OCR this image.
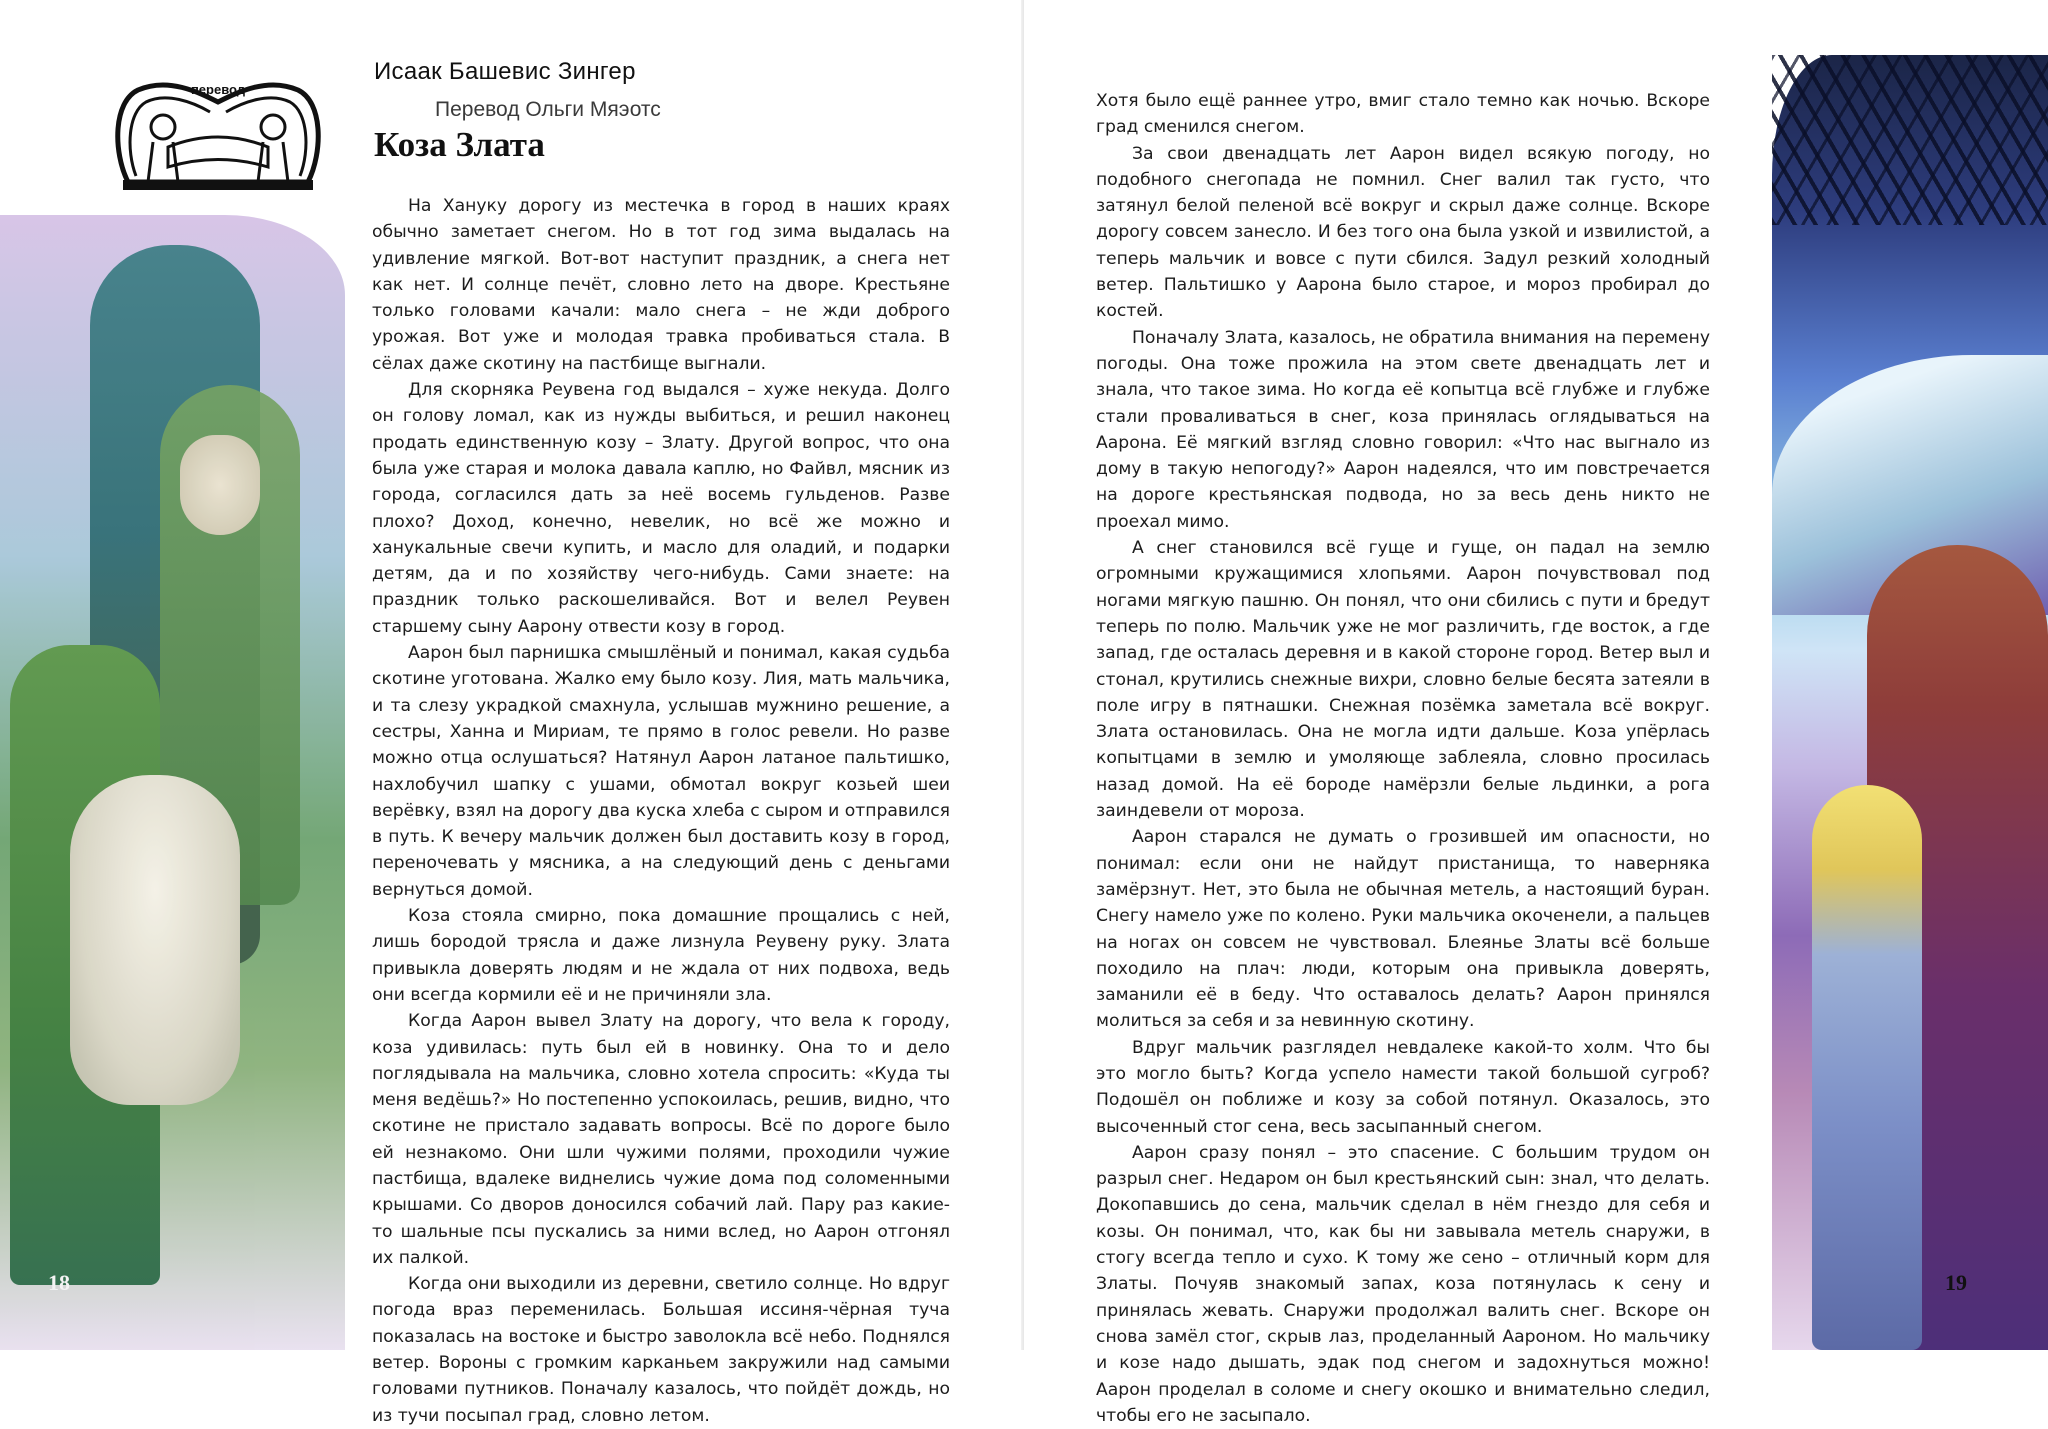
перевод
Исаак Башевис Зингер
Перевод Ольги Мяэотс
Коза Злата

На Хануку дорогу из местечка в город в наших краях обычно заметает снегом. Но в тот год зима выдалась на удивление мягкой. Вот-вот наступит праздник, а снега нет как нет. И солнце печёт, словно лето на дворе. Крестьяне только головами качали: мало снега – не жди доброго урожая. Вот уже и молодая травка пробиваться стала. В сёлах даже скотину на пастбище выгнали.

Для скорняка Реувена год выдался – хуже некуда. Долго он голову ломал, как из нужды выбиться, и решил наконец продать единственную козу – Злату. Другой вопрос, что она была уже старая и молока давала каплю, но Файвл, мясник из города, согласился дать за неё восемь гульденов. Разве плохо? Доход, конечно, невелик, но всё же можно и ханукальные свечи купить, и масло для оладий, и подарки детям, да и по хозяйству чего-нибудь. Сами знаете: на праздник только раскошеливайся. Вот и велел Реувен старшему сыну Аарону отвести козу в город.

Аарон был парнишка смышлёный и понимал, какая судьба скотине уготована. Жалко ему было козу. Лия, мать мальчика, и та слезу украдкой смахнула, услышав мужнино решение, а сестры, Ханна и Мириам, те прямо в голос ревели. Но разве можно отца ослушаться? Натянул Аарон латаное пальтишко, нахлобучил шапку с ушами, обмотал вокруг козьей шеи верёвку, взял на дорогу два куска хлеба с сыром и отправился в путь. К вечеру мальчик должен был доставить козу в город, переночевать у мясника, а на следующий день с деньгами вернуться домой.

Коза стояла смирно, пока домашние прощались с ней, лишь бородой трясла и даже лизнула Реувену руку. Злата привыкла доверять людям и не ждала от них подвоха, ведь они всегда кормили её и не причиняли зла.

Когда Аарон вывел Злату на дорогу, что вела к городу, коза удивилась: путь был ей в новинку. Она то и дело поглядывала на мальчика, словно хотела спросить: «Куда ты меня ведёшь?» Но постепенно успокоилась, решив, видно, что скотине не пристало задавать вопросы. Всё по дороге было ей незнакомо. Они шли чужими полями, проходили чужие пастбища, вдалеке виднелись чужие дома под соломенными крышами. Со дворов доносился собачий лай. Пару раз какие-то шальные псы пускались за ними вслед, но Аарон отгонял их палкой.

Когда они выходили из деревни, светило солнце. Но вдруг погода враз переменилась. Большая иссиня-чёрная туча показалась на востоке и быстро заволокла всё небо. Поднялся ветер. Вороны с громким карканьем закружили над самыми головами путников. Поначалу казалось, что пойдёт дождь, но из тучи посыпал град, словно летом.

18

Хотя было ещё раннее утро, вмиг стало темно как ночью. Вскоре град сменился снегом.

За свои двенадцать лет Аарон видел всякую погоду, но подобного снегопада не помнил. Снег валил так густо, что затянул белой пеленой всё вокруг и скрыл даже солнце. Вскоре дорогу совсем занесло. И без того она была узкой и извилистой, а теперь мальчик и вовсе с пути сбился. Задул резкий холодный ветер. Пальтишко у Аарона было старое, и мороз пробирал до костей.

Поначалу Злата, казалось, не обратила внимания на перемену погоды. Она тоже прожила на этом свете двенадцать лет и знала, что такое зима. Но когда её копытца всё глубже и глубже стали проваливаться в снег, коза принялась оглядываться на Аарона. Её мягкий взгляд словно говорил: «Что нас выгнало из дому в такую непогоду?» Аарон надеялся, что им повстречается на дороге крестьянская подвода, но за весь день никто не проехал мимо.

А снег становился всё гуще и гуще, он падал на землю огромными кружащимися хлопьями. Аарон почувствовал под ногами мягкую пашню. Он понял, что они сбились с пути и бредут теперь по полю. Мальчик уже не мог различить, где восток, а где запад, где осталась деревня и в какой стороне город. Ветер выл и стонал, крутились снежные вихри, словно белые бесята затеяли в поле игру в пятнашки. Снежная позёмка заметала всё вокруг. Злата остановилась. Она не могла идти дальше. Коза упёрлась копытцами в землю и умоляюще заблеяла, словно просилась назад домой. На её бороде намёрзли белые льдинки, а рога заиндевели от мороза.

Аарон старался не думать о грозившей им опасности, но понимал: если они не найдут пристанища, то наверняка замёрзнут. Нет, это была не обычная метель, а настоящий буран. Снегу намело уже по колено. Руки мальчика окоченели, а пальцев на ногах он совсем не чувствовал. Блеянье Златы всё больше походило на плач: люди, которым она привыкла доверять, заманили её в беду. Что оставалось делать? Аарон принялся молиться за себя и за невинную скотину.

Вдруг мальчик разглядел невдалеке какой-то холм. Что бы это могло быть? Когда успело намести такой большой сугроб? Подошёл он поближе и козу за собой потянул. Оказалось, это высоченный стог сена, весь засыпанный снегом.

Аарон сразу понял – это спасение. С большим трудом он разрыл снег. Недаром он был крестьянский сын: знал, что делать. Докопавшись до сена, мальчик сделал в нём гнездо для себя и козы. Он понимал, что, как бы ни завывала метель снаружи, в стогу всегда тепло и сухо. К тому же сено – отличный корм для Златы. Почуяв знакомый запах, коза потянулась к сену и принялась жевать. Снаружи продолжал валить снег. Вскоре он снова замёл стог, скрыв лаз, проделанный Аароном. Но мальчику и козе надо дышать, эдак под снегом и задохнуться можно! Аарон проделал в соломе и снегу окошко и внимательно следил, чтобы его не засыпало.

19
